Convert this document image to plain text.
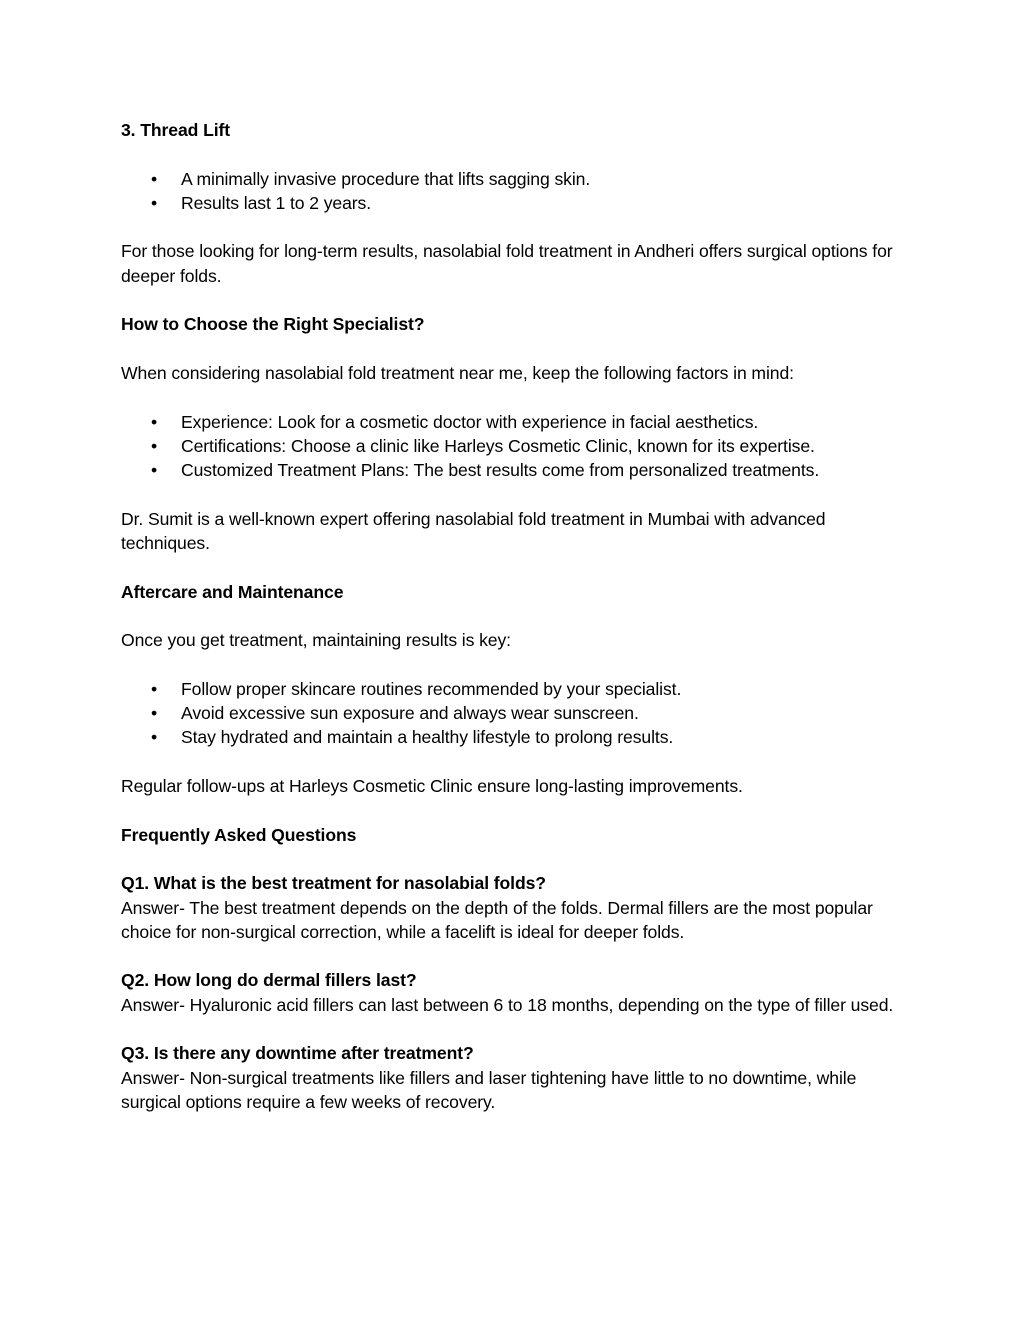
3. Thread Lift

• A minimally invasive procedure that lifts sagging skin.
• Results last 1 to 2 years.

For those looking for long-term results, nasolabial fold treatment in Andheri offers surgical options for deeper folds.

How to Choose the Right Specialist?

When considering nasolabial fold treatment near me, keep the following factors in mind:

• Experience: Look for a cosmetic doctor with experience in facial aesthetics.
• Certifications: Choose a clinic like Harleys Cosmetic Clinic, known for its expertise.
• Customized Treatment Plans: The best results come from personalized treatments.

Dr. Sumit is a well-known expert offering nasolabial fold treatment in Mumbai with advanced techniques.

Aftercare and Maintenance

Once you get treatment, maintaining results is key:

• Follow proper skincare routines recommended by your specialist.
• Avoid excessive sun exposure and always wear sunscreen.
• Stay hydrated and maintain a healthy lifestyle to prolong results.

Regular follow-ups at Harleys Cosmetic Clinic ensure long-lasting improvements.

Frequently Asked Questions

Q1. What is the best treatment for nasolabial folds?
Answer- The best treatment depends on the depth of the folds. Dermal fillers are the most popular choice for non-surgical correction, while a facelift is ideal for deeper folds.

Q2. How long do dermal fillers last?
Answer- Hyaluronic acid fillers can last between 6 to 18 months, depending on the type of filler used.

Q3. Is there any downtime after treatment?
Answer- Non-surgical treatments like fillers and laser tightening have little to no downtime, while surgical options require a few weeks of recovery.
